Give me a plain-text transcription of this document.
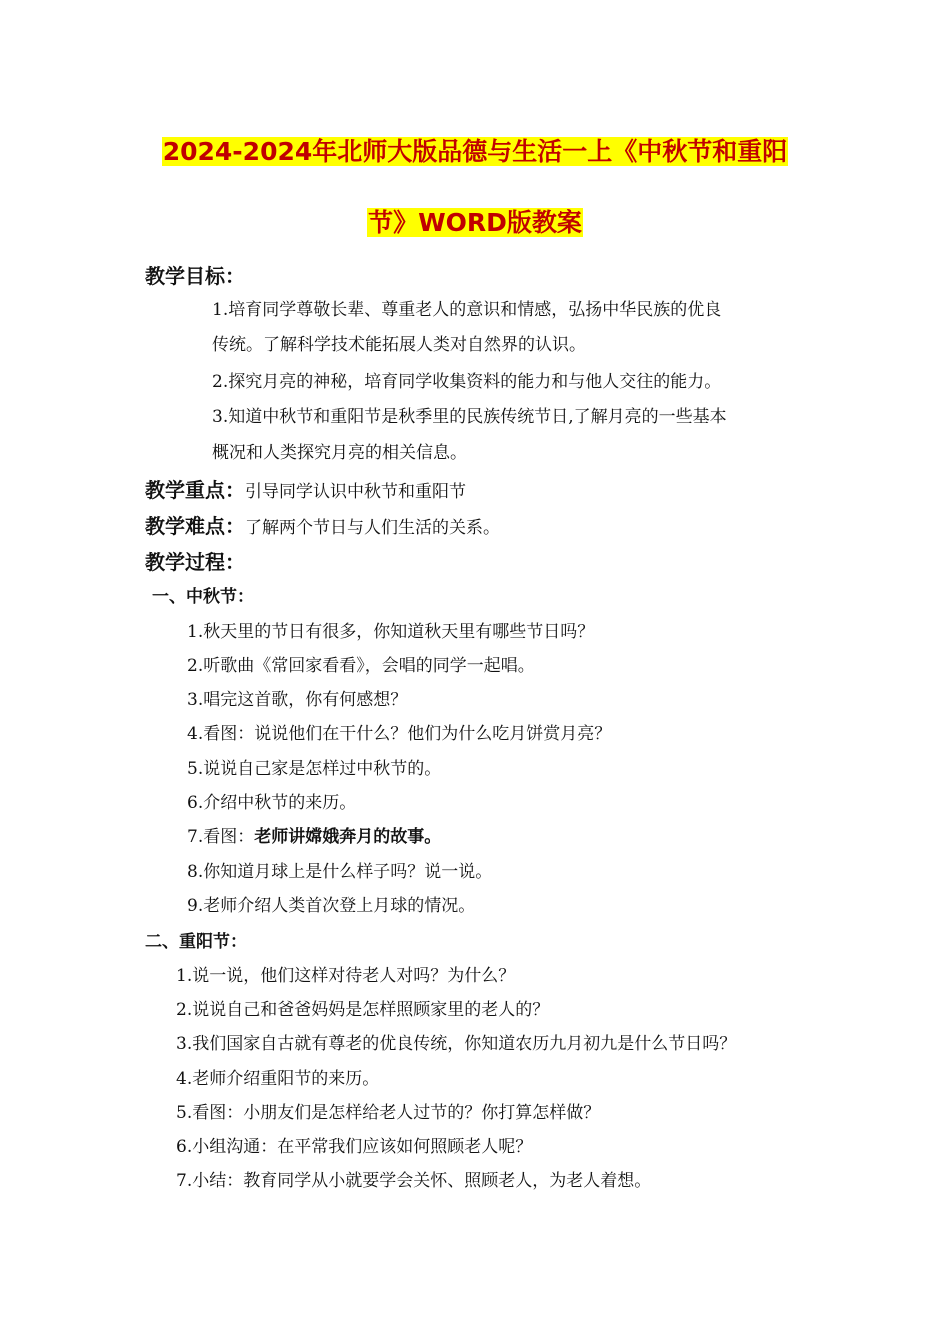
2024-2024年北师大版品德与生活一上《中秋节和重阳
节》WORD版教案
教学目标：
1.培育同学尊敬长辈、尊重老人的意识和情感，弘扬中华民族的优良
传统。了解科学技术能拓展人类对自然界的认识。
2.探究月亮的神秘，培育同学收集资料的能力和与他人交往的能力。
3.知道中秋节和重阳节是秋季里的民族传统节日,了解月亮的一些基本
概况和人类探究月亮的相关信息。
教学重点：引导同学认识中秋节和重阳节
教学难点：了解两个节日与人们生活的关系。
教学过程：
一、中秋节：
1.秋天里的节日有很多，你知道秋天里有哪些节日吗？
2.听歌曲《常回家看看》，会唱的同学一起唱。
3.唱完这首歌，你有何感想？
4.看图：说说他们在干什么？他们为什么吃月饼赏月亮？
5.说说自己家是怎样过中秋节的。
6.介绍中秋节的来历。
7.看图：老师讲嫦娥奔月的故事。
8.你知道月球上是什么样子吗？说一说。
9.老师介绍人类首次登上月球的情况。
二、重阳节：
1.说一说，他们这样对待老人对吗？为什么？
2.说说自己和爸爸妈妈是怎样照顾家里的老人的？
3.我们国家自古就有尊老的优良传统，你知道农历九月初九是什么节日吗？
4.老师介绍重阳节的来历。
5.看图：小朋友们是怎样给老人过节的？你打算怎样做？
6.小组沟通：在平常我们应该如何照顾老人呢？
7.小结：教育同学从小就要学会关怀、照顾老人，为老人着想。
